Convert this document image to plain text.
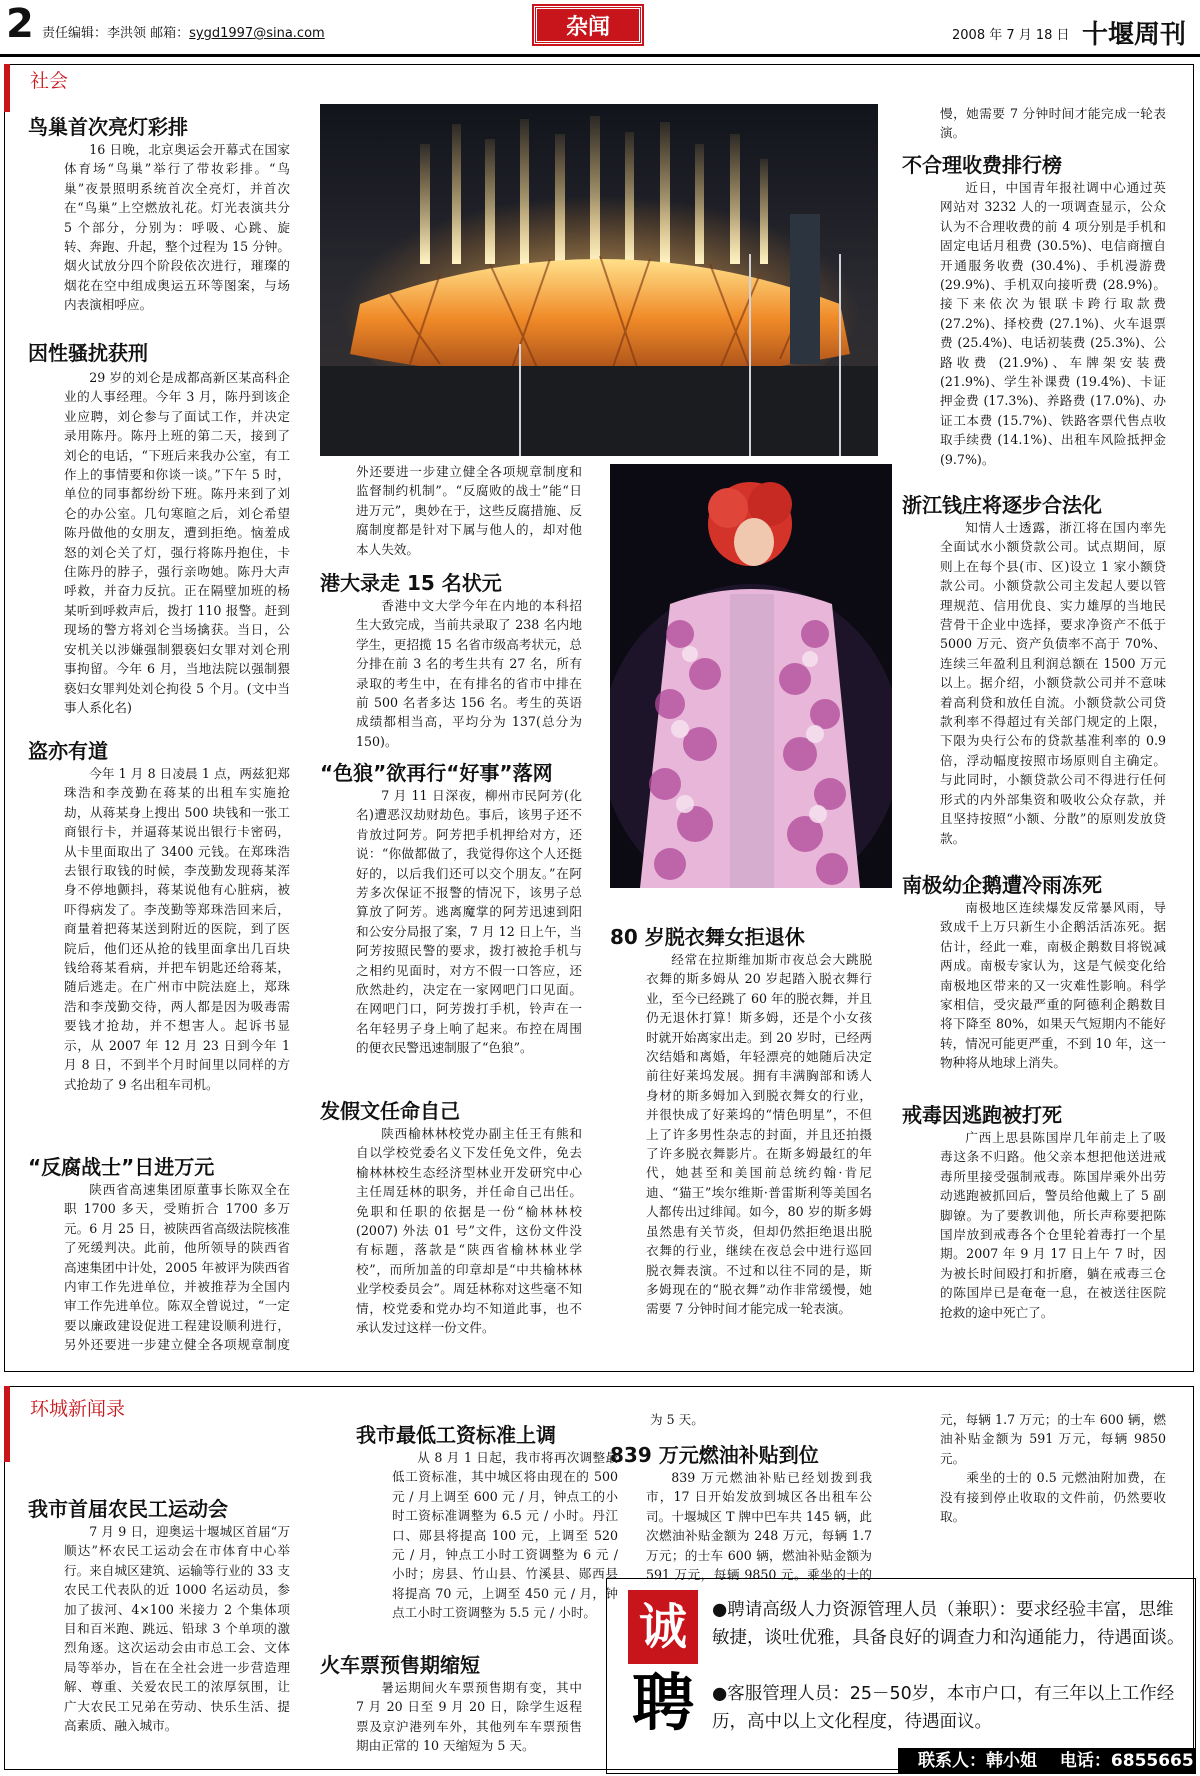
2 责任编辑：李洪领 邮箱：sygd1997@sina.com	杂闻	2008 年 7 月 18 日 十堰周刊
社会
鸟巢首次亮灯彩排
16 日晚，北京奥运会开幕式在国家体育场“鸟巢”举行了带妆彩排。“鸟巢”夜景照明系统首次全亮灯，并首次在“鸟巢”上空燃放礼花。灯光表演共分 5 个部分，分别为：呼吸、心跳、旋转、奔跑、升起，整个过程为 15 分钟。烟火试放分四个阶段依次进行，璀璨的烟花在空中组成奥运五环等图案，与场内表演相呼应。
因性骚扰获刑
29 岁的刘仑是成都高新区某高科企业的人事经理。今年 3 月，陈丹到该企业应聘，刘仑参与了面试工作，并决定录用陈丹。陈丹上班的第二天，接到了刘仑的电话，“下班后来我办公室，有工作上的事情要和你谈一谈。”下午 5 时，单位的同事都纷纷下班。陈丹来到了刘仑的办公室。几句寒暄之后，刘仑希望陈丹做他的女朋友，遭到拒绝。恼羞成怒的刘仑关了灯，强行将陈丹抱住，卡住陈丹的脖子，强行亲吻她。陈丹大声呼救，并奋力反抗。正在隔壁加班的杨某听到呼救声后，拨打 110 报警。赶到现场的警方将刘仑当场擒获。当日，公安机关以涉嫌强制猥亵妇女罪对刘仑刑事拘留。今年 6 月，当地法院以强制猥亵妇女罪判处刘仑拘役 5 个月。(文中当事人系化名)
盗亦有道
今年 1 月 8 日凌晨 1 点，两兹犯郑珠浩和李茂勤在蒋某的出租车实施抢劫，从蒋某身上搜出 500 块钱和一张工商银行卡，并逼蒋某说出银行卡密码，从卡里面取出了 3400 元钱。在郑珠浩去银行取钱的时候，李茂勤发现蒋某浑身不停地颤抖，蒋某说他有心脏病，被吓得病发了。李茂勤等郑珠浩回来后，商量着把蒋某送到附近的医院，到了医院后，他们还从抢的钱里面拿出几百块钱给蒋某看病，并把车钥匙还给蒋某，随后逃走。在广州市中院法庭上，郑珠浩和李茂勤交待，两人都是因为吸毒需要钱才抢劫，并不想害人。起诉书显示，从 2007 年 12 月 23 日到今年 1 月 8 日，不到半个月时间里以同样的方式抢劫了 9 名出租车司机。
“反腐战士”日进万元
陕西省高速集团原董事长陈双全在职 1700 多天，受贿折合 1700 多万元。6 月 25 日，被陕西省高级法院核准了死缓判决。此前，他所领导的陕西省高速集团中计处，2005 年被评为陕西省内审工作先进单位，并被推荐为全国内审工作先进单位。陈双全曾说过，“一定要以廉政建设促进工程建设顺利进行，另外还要进一步建立健全各项规章制度
外还要进一步建立健全各项规章制度和监督制约机制”。“反腐败的战士”能“日进万元”，奥妙在于，这些反腐措施、反腐制度都是针对下属与他人的，却对他本人失效。
港大录走 15 名状元
香港中文大学今年在内地的本科招生大致完成，当前共录取了 238 名内地学生，更招揽 15 名省市级高考状元，总分排在前 3 名的考生共有 27 名，所有录取的考生中，在有排名的省市中排在前 500 名者多达 156 名。考生的英语成绩都相当高，平均分为 137(总分为 150)。
“色狼”欲再行“好事”落网
7 月 11 日深夜，柳州市民阿芳(化名)遭恶汉劫财劫色。事后，该男子还不肯放过阿芳。阿芳把手机押给对方，还说：“你做都做了，我觉得你这个人还挺好的，以后我们还可以交个朋友。”在阿芳多次保证不报警的情况下，该男子总算放了阿芳。逃离魔掌的阿芳迅速到阳和公安分局报了案，7 月 12 日上午，当阿芳按照民警的要求，拨打被抢手机与之相约见面时，对方不假一口答应，还欣然赴约，决定在一家网吧门口见面。在网吧门口，阿芳拨打手机，铃声在一名年轻男子身上响了起来。布控在周围的便衣民警迅速制服了“色狼”。
发假文任命自己
陕西榆林林校党办副主任王有熊和自以学校党委名义下发任免文件，免去榆林林校生态经济型林业开发研究中心主任周廷林的职务，并任命自己出任。免职和任职的依据是一份“榆林林校 (2007) 外法 01 号”文件，这份文件没有标题，落款是“陕西省榆林林业学校”，而所加盖的印章却是“中共榆林林业学校委员会”。周廷林称对这些毫不知情，校党委和党办均不知道此事，也不承认发过这样一份文件。
80 岁脱衣舞女拒退休
经常在拉斯维加斯市夜总会大跳脱衣舞的斯多姆从 20 岁起踏入脱衣舞行业，至今已经跳了 60 年的脱衣舞，并且仍无退休打算！斯多姆，还是个小女孩时就开始离家出走。到 20 岁时，已经两次结婚和离婚，年轻漂亮的她随后决定前往好莱坞发展。拥有丰满胸部和诱人身材的斯多姆加入到脱衣舞女的行业，并很快成了好莱坞的“情色明星”，不但上了许多男性杂志的封面，并且还拍摄了许多脱衣舞影片。在斯多姆最红的年代，她甚至和美国前总统约翰·肯尼迪、“猫王”埃尔维斯·普雷斯利等美国名人都传出过绯闻。如今，80 岁的斯多姆虽然患有关节炎，但却仍然拒绝退出脱衣舞的行业，继续在夜总会中进行巡回脱衣舞表演。不过和以往不同的是，斯多姆现在的“脱衣舞”动作非常缓慢，她需要 7 分钟时间才能完成一轮表演。
慢，她需要 7 分钟时间才能完成一轮表演。
不合理收费排行榜
近日，中国青年报社调中心通过英网站对 3232 人的一项调查显示，公众认为不合理收费的前 4 项分别是手机和固定电话月租费 (30.5%)、电信商擅自开通服务收费 (30.4%)、手机漫游费 (29.9%)、手机双向接听费 (28.9%)。接下来依次为银联卡跨行取款费 (27.2%)、择校费 (27.1%)、火车退票费 (25.4%)、电话初装费 (25.3%)、公路收费 (21.9%)、车牌架安装费 (21.9%)、学生补课费 (19.4%)、卡证押金费 (17.3%)、养路费 (17.0%)、办证工本费 (15.7%)、铁路客票代售点收取手续费 (14.1%)、出租车风险抵押金 (9.7%)。
浙江钱庄将逐步合法化
知情人士透露，浙江将在国内率先全面试水小额贷款公司。试点期间，原则上在每个县(市、区)设立 1 家小额贷款公司。小额贷款公司主发起人要以管理规范、信用优良、实力雄厚的当地民营骨干企业中选择，要求净资产不低于 5000 万元、资产负债率不高于 70%、连续三年盈利且利润总额在 1500 万元以上。据介绍，小额贷款公司并不意味着高利贷和放任自流。小额贷款公司贷款利率不得超过有关部门规定的上限，下限为央行公布的贷款基准利率的 0.9 倍，浮动幅度按照市场原则自主确定。与此同时，小额贷款公司不得进行任何形式的内外部集资和吸收公众存款，并且坚持按照“小额、分散”的原则发放贷款。
南极幼企鹅遭冷雨冻死
南极地区连续爆发反常暴风雨，导致成千上万只新生小企鹅活活冻死。据估计，经此一难，南极企鹅数目将锐减两成。南极专家认为，这是气候变化给南极地区带来的又一灾难性影响。科学家相信，受灾最严重的阿德利企鹅数目将下降至 80%，如果天气短期内不能好转，情况可能更严重，不到 10 年，这一物种将从地球上消失。
戒毒因逃跑被打死
广西上思县陈国岸几年前走上了吸毒这条不归路。他父亲本想把他送进戒毒所里接受强制戒毒。陈国岸乘外出劳动逃跑被抓回后，警员给他戴上了 5 副脚镣。为了要教训他，所长声称要把陈国岸放到戒毒各个仓里轮着毒打一个星期。2007 年 9 月 17 日上午 7 时，因为被长时间殴打和折磨，躺在戒毒三仓的陈国岸已是奄奄一息，在被送往医院抢救的途中死亡了。
环城新闻录
我市首届农民工运动会
7 月 9 日，迎奥运十堰城区首届“万顺达”杯农民工运动会在市体育中心举行。来自城区建筑、运输等行业的 33 支农民工代表队的近 1000 名运动员，参加了拔河、4×100 米接力 2 个集体项目和百米跑、跳远、铅球 3 个单项的激烈角逐。这次运动会由市总工会、文体局等举办，旨在在全社会进一步营造理解、尊重、关爱农民工的浓厚氛围，让广大农民工兄弟在劳动、快乐生活、提高素质、融入城市。
我市最低工资标准上调
从 8 月 1 日起，我市将再次调整最低工资标准，其中城区将由现在的 500 元 / 月上调至 600 元 / 月，钟点工的小时工资标准调整为 6.5 元 / 小时。丹江口、郧县将提高 100 元，上调至 520 元 / 月，钟点工小时工资调整为 6 元 / 小时；房县、竹山县、竹溪县、郧西县将提高 70 元，上调至 450 元 / 月，钟点工小时工资调整为 5.5 元 / 小时。
火车票预售期缩短
暑运期间火车票预售期有变，其中 7 月 20 日至 9 月 20 日，除学生返程票及京沪港列车外，其他列车车票预售期由正常的 10 天缩短为 5 天。
为 5 天。
839 万元燃油补贴到位
839 万元燃油补贴已经划拨到我市，17 日开始发放到城区各出租车公司。十堰城区 T 牌中巴车共 145 辆，此次燃油补贴金额为 248 万元，每辆 1.7 万元；的士车 600 辆，燃油补贴金额为 591 万元，每辆 9850 元。乘坐的士的
元，每辆 1.7 万元；的士车 600 辆，燃油补贴金额为 591 万元，每辆 9850 元。
　　乘坐的士的 0.5 元燃油附加费，在没有接到停止收取的文件前，仍然要收取。
诚
聘
●聘请高级人力资源管理人员（兼职）：要求经验丰富，思维敏捷，谈吐优雅，具备良好的调查力和沟通能力，待遇面谈。
●客服管理人员：25－50岁，本市户口，有三年以上工作经历，高中以上文化程度，待遇面议。
联系人：韩小姐　 电话：6855665
